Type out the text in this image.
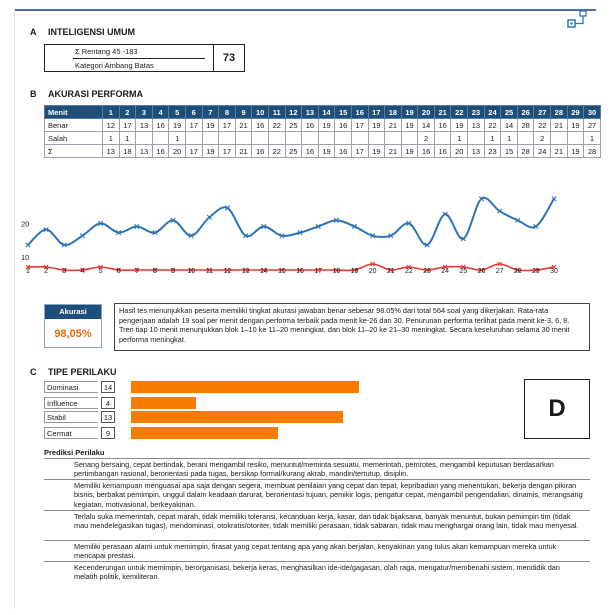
A INTELIGENSI UMUM
Σ Rentang 45 -183
Kategori Ambang Batas
73
B AKURASI PERFORMA
Menit	1	2	3	4	5	6	7	8	9	10	11	12	13	14	15	16	17	18	19	20	21	22	23	24	25	26	27	28	29	30
Benar	12	17	13	16	19	17	19	17	21	16	22	25	16	19	16	17	19	21	19	14	16	19	13	22	14	28	22	21	19	27
Salah	1	1			1															2		1		1	1		2			1
Σ	13	18	13	16	20	17	19	17	21	16	22	25	16	19	16	17	19	21	19	16	16	20	13	23	15	28	24	21	19	28
20
10
1 2 3 4 5 6 7 8 9 10 11 12 13 14 15 16 17 18 19 20 21 22 23 24 25 26 27 28 29 30
Akurasi
98,05%
Hasil tes menunjukkan peserta memiliki tingkat akurasi jawaban benar sebesar 98.05% dari total 564 soal yang dikerjakan. Rata-rata pengerjaan adalah 19 soal per menit dengan performa terbaik pada menit ke-26 dan 30. Penurunan performa terlihat pada menit ke-3, 6, 8. Tren tiap 10 menit menunjukkan blok 1–10 ke 11–20 meningkat, dan blok 11–20 ke 21–30 meningkat. Secara keseluruhan selama 30 menit performa meningkat.
C TIPE PERILAKU
Dominasi	14
Influence	4
Stabil	13
Cermat	9
D
Prediksi Perilaku
Senang bersaing, cepat bertindak, berani mengambil resiko, menuntut/meminta sesuatu, memerintah, pemrotes, mengambil keputusan berdasarkan pertimbangan rasional, berorientasi pada tugas, bersikap formal/kurang akrab, mandiri/tertutup, disiplin.
Memiliki kemampuan menguasai apa saja dengan segera, membuat penilaian yang cepat dan tepat, kepribadian yang menentukan, bekerja dengan pikiran bisnis, berbakat pemimpin, unggul dalam keadaan darurat, berorientasi tujuan, pemikir logis, pengatur cepat, mengambil pengendalian, dinamis, merangsang kegiatan, motivasional, berkeyakinan.
Terlalu suka memerintah, cepat marah, tidak memiliki toleransi, kecanduan kerja, kasar, dan tidak bijaksana, banyak menuntut, bukan pemimpin tim (tidak mau mendelegasikan tugas), mendominasi, otokratis/otoriter, tidak memiliki perasaan, tidak sabaran, tidak mau menghargai orang lain, tidak mau menyesal.
Memiliki perasaan alami untuk memimpin, firasat yang cepat tentang apa yang akan berjalan, kenyakinan yang tulus akan kemampuan mereka untuk mencapai prestasi.
Kecenderungan untuk memimpin, berorganisasi, bekerja keras, menghasilkan ide-ide/gagasan, olah raga, mengatur/membenahi sistem, mendidik dan melatih politik, kemiliteran.
